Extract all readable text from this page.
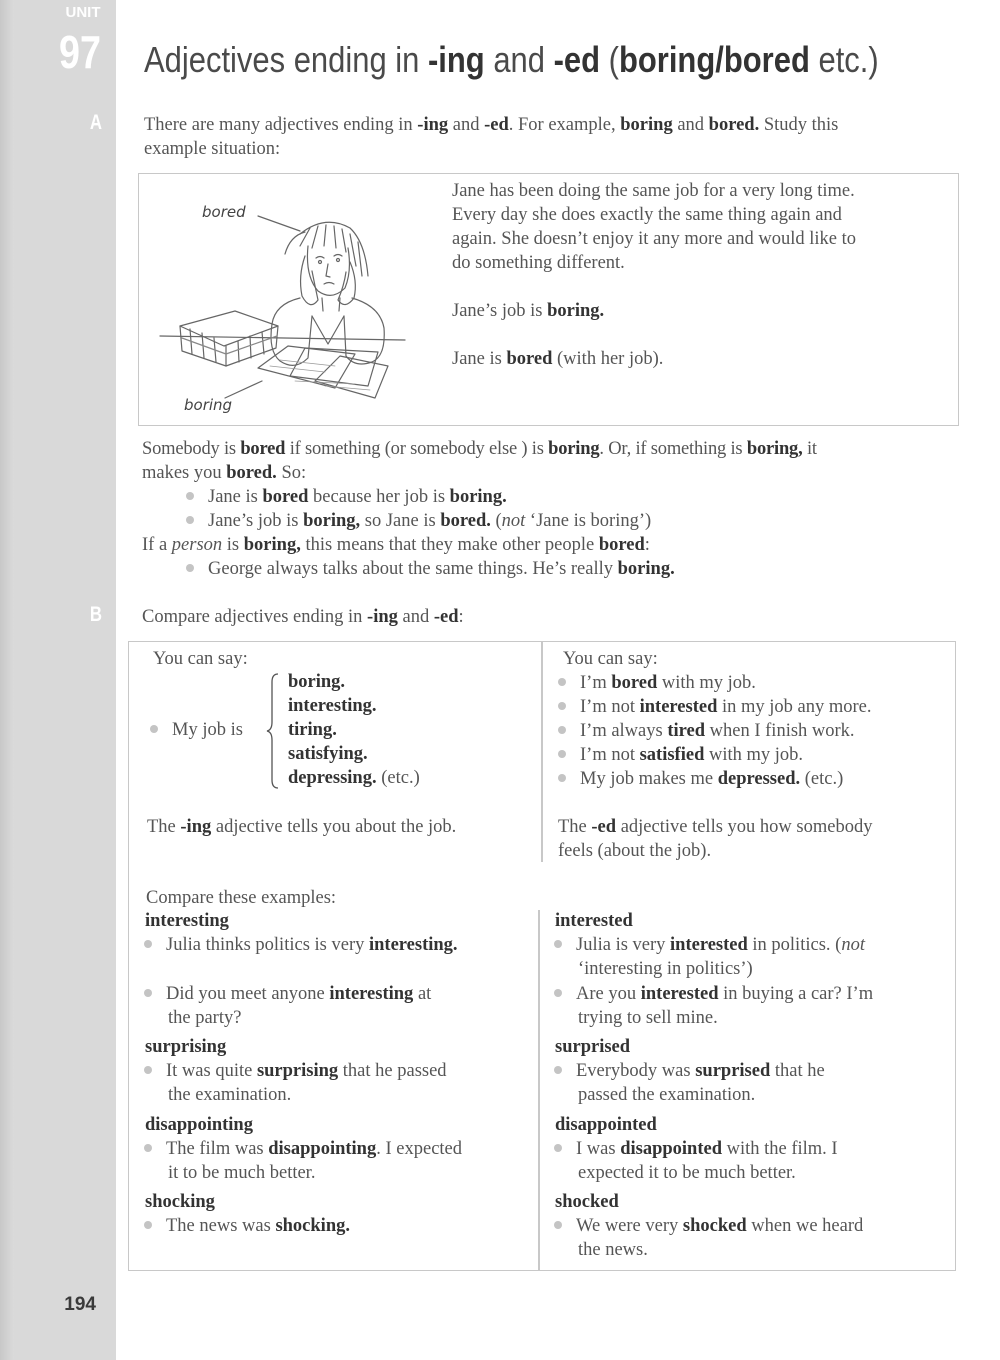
UNIT
97
A
B
194
Adjectives ending in -ing and -ed (boring/bored etc.)
There are many adjectives ending in -ing and -ed. For example, boring and bored. Study this
example situation:
bored
boring
Jane has been doing the same job for a very long time.
Every day she does exactly the same thing again and
again. She doesn’t enjoy it any more and would like to
do something different.
Jane’s job is boring.
Jane is bored (with her job).
Somebody is bored if something (or somebody else ) is boring. Or, if something is boring, it
makes you bored. So:
Jane is bored because her job is boring.
Jane’s job is boring, so Jane is bored. (not ‘Jane is boring’)
If a person is boring, this means that they make other people bored:
George always talks about the same things. He’s really boring.
Compare adjectives ending in -ing and -ed:
You can say:
My job is
boring.
interesting.
tiring.
satisfying.
depressing. (etc.)
The -ing adjective tells you about the job.
You can say:
I’m bored with my job.
I’m not interested in my job any more.
I’m always tired when I finish work.
I’m not satisfied with my job.
My job makes me depressed. (etc.)
The -ed adjective tells you how somebody
feels (about the job).
Compare these examples:
interesting
Julia thinks politics is very interesting.
Did you meet anyone interesting at
the party?
surprising
It was quite surprising that he passed
the examination.
disappointing
The film was disappointing. I expected
it to be much better.
shocking
The news was shocking.
interested
Julia is very interested in politics. (not
‘interesting in politics’)
Are you interested in buying a car? I’m
trying to sell mine.
surprised
Everybody was surprised that he
passed the examination.
disappointed
I was disappointed with the film. I
expected it to be much better.
shocked
We were very shocked when we heard
the news.
